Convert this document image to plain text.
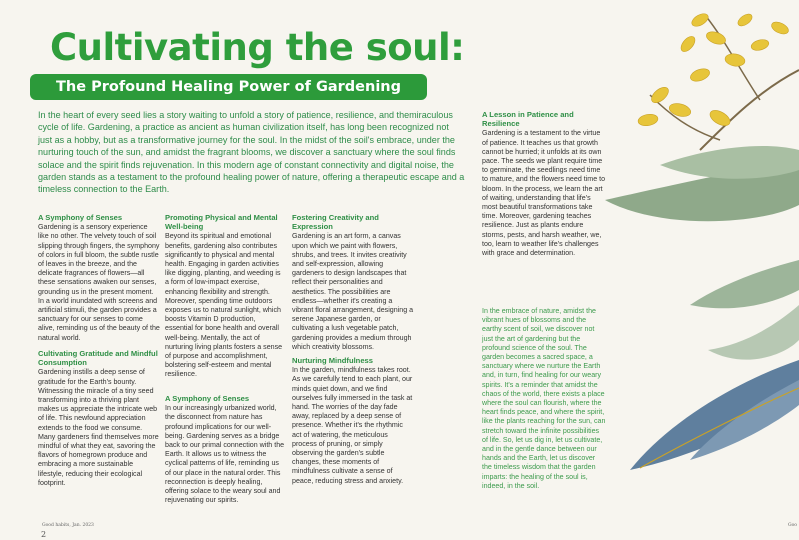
Cultivating the soul:
The Profound Healing Power of Gardening

In the heart of every seed lies a story waiting to unfold a story of patience, resilience, and themiraculous cycle of life. Gardening, a practice as ancient as human civilization itself, has long been recognized not just as a hobby, but as a transformative journey for the soul. In the midst of the soil's embrace, under the nurturing touch of the sun, and amidst the fragrant blooms, we discover a sanctuary where the soul finds solace and the spirit finds rejuvenation. In this modern age of constant connectivity and digital noise, the garden stands as a testament to the profound healing power of nature, offering a therapeutic escape and a timeless connection to the Earth.

A Symphony of Senses

Gardening is a sensory experience like no other. The velvety touch of soil slipping through fingers, the symphony of colors in full bloom, the subtle rustle of leaves in the breeze, and the delicate fragrances of flowers—all these sensations awaken our senses, grounding us in the present moment. In a world inundated with screens and artificial stimuli, the garden provides a sanctuary for our senses to come alive, reminding us of the beauty of the natural world.

Cultivating Gratitude and Mindful Consumption

Gardening instills a deep sense of gratitude for the Earth's bounty. Witnessing the miracle of a tiny seed transforming into a thriving plant makes us appreciate the intricate web of life. This newfound appreciation extends to the food we consume. Many gardeners find themselves more mindful of what they eat, savoring the flavors of homegrown produce and embracing a more sustainable lifestyle, reducing their ecological footprint.

Promoting Physical and Mental Well-being

Beyond its spiritual and emotional benefits, gardening also contributes significantly to physical and mental health. Engaging in garden activities like digging, planting, and weeding is a form of low-impact exercise, enhancing flexibility and strength. Moreover, spending time outdoors exposes us to natural sunlight, which boosts Vitamin D production, essential for bone health and overall well-being. Mentally, the act of nurturing living plants fosters a sense of purpose and accomplishment, bolstering self-esteem and mental resilience.

A Symphony of Senses

In our increasingly urbanized world, the disconnect from nature has profound implications for our well-being. Gardening serves as a bridge back to our primal connection with the Earth. It allows us to witness the cyclical patterns of life, reminding us of our place in the natural order. This reconnection is deeply healing, offering solace to the weary soul and rejuvenating our spirits.

Fostering Creativity and Expression

Gardening is an art form, a canvas upon which we paint with flowers, shrubs, and trees. It invites creativity and self-expression, allowing gardeners to design landscapes that reflect their personalities and aesthetics. The possibilities are endless—whether it's creating a vibrant floral arrangement, designing a serene Japanese garden, or cultivating a lush vegetable patch, gardening provides a medium through which creativity blossoms.

Nurturing Mindfulness

In the garden, mindfulness takes root. As we carefully tend to each plant, our minds quiet down, and we find ourselves fully immersed in the task at hand. The worries of the day fade away, replaced by a deep sense of presence. Whether it's the rhythmic act of watering, the meticulous process of pruning, or simply observing the garden's subtle changes, these moments of mindfulness cultivate a sense of peace, reducing stress and anxiety.

A Lesson in Patience and Resilience

Gardening is a testament to the virtue of patience. It teaches us that growth cannot be hurried; it unfolds at its own pace. The seeds we plant require time to germinate, the seedlings need time to mature, and the flowers need time to bloom. In the process, we learn the art of waiting, understanding that life's most beautiful transformations take time. Moreover, gardening teaches resilience. Just as plants endure storms, pests, and harsh weather, we, too, learn to weather life's challenges with grace and determination.

In the embrace of nature, amidst the vibrant hues of blossoms and the earthy scent of soil, we discover not just the art of gardening but the profound science of the soul. The garden becomes a sacred space, a sanctuary where we nurture the Earth and, in turn, find healing for our weary spirits. It's a reminder that amidst the chaos of the world, there exists a place where the soul can flourish, where the heart finds peace, and where the spirit, like the plants reaching for the sun, can stretch toward the infinite possibilities of life. So, let us dig in, let us cultivate, and in the gentle dance between our hands and the Earth, let us discover the timeless wisdom that the garden imparts: the healing of the soul is, indeed, in the soil.

Good habits, Jan. 2023
2
Goo
